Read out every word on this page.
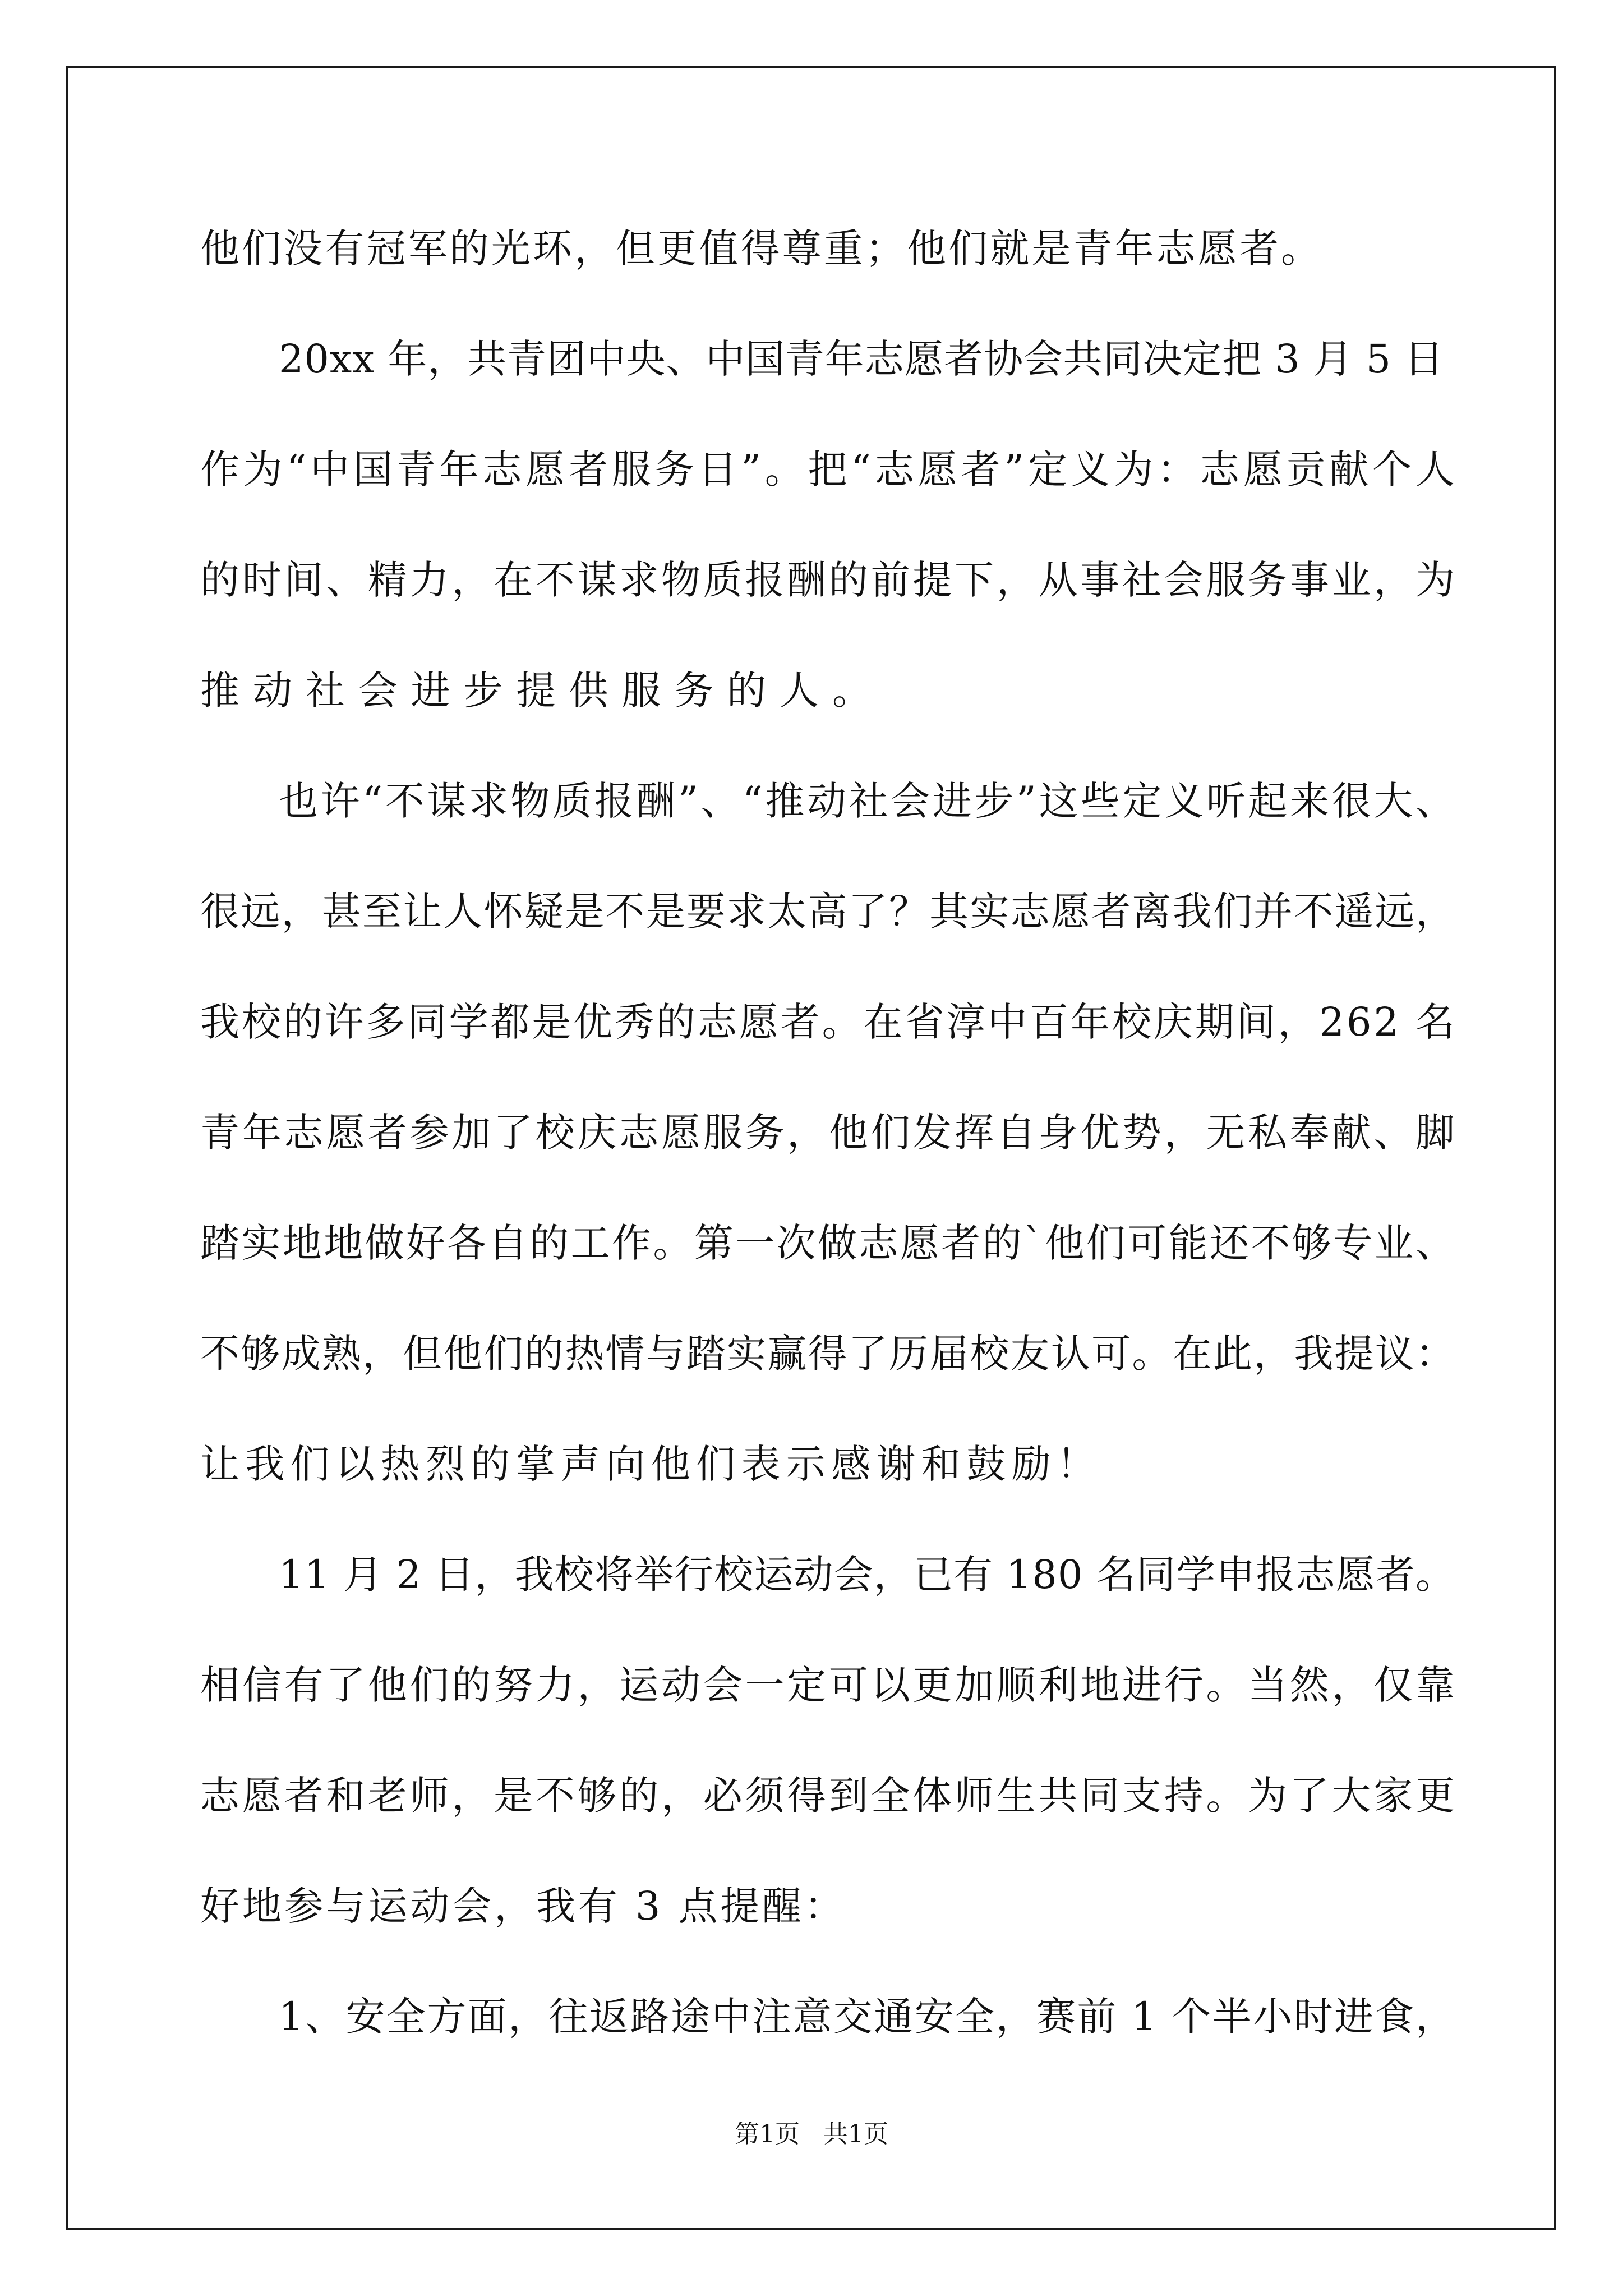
他们没有冠军的光环，但更值得尊重；他们就是青年志愿者。
20xx 年，共青团中央、中国青年志愿者协会共同决定把 3 月 5 日
作为“中国青年志愿者服务日”。把“志愿者”定义为：志愿贡献个人
的时间、精力，在不谋求物质报酬的前提下，从事社会服务事业，为
推动社会进步提供服务的人。
也许“不谋求物质报酬”、“推动社会进步”这些定义听起来很大、
很远，甚至让人怀疑是不是要求太高了？其实志愿者离我们并不遥远，
我校的许多同学都是优秀的志愿者。在省淳中百年校庆期间，262 名
青年志愿者参加了校庆志愿服务，他们发挥自身优势，无私奉献、脚
踏实地地做好各自的工作。第一次做志愿者的`他们可能还不够专业、
不够成熟，但他们的热情与踏实赢得了历届校友认可。在此，我提议：
让我们以热烈的掌声向他们表示感谢和鼓励！
11 月 2 日，我校将举行校运动会，已有 180 名同学申报志愿者。
相信有了他们的努力，运动会一定可以更加顺利地进行。当然，仅靠
志愿者和老师，是不够的，必须得到全体师生共同支持。为了大家更
好地参与运动会，我有 3 点提醒：
1、安全方面，往返路途中注意交通安全，赛前 1 个半小时进食，
第1页   共1页
